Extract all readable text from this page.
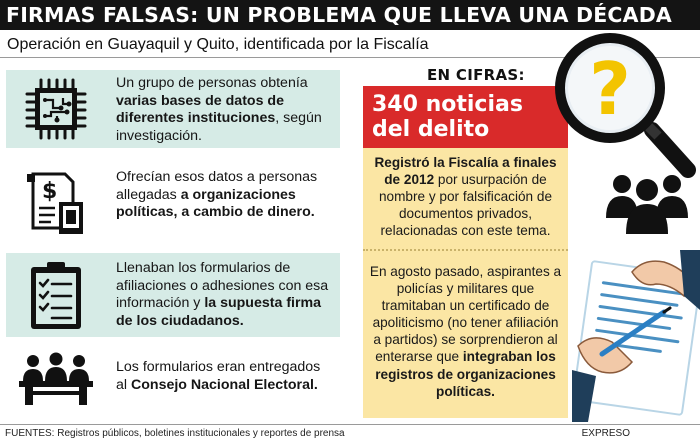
FIRMAS FALSAS: UN PROBLEMA QUE LLEVA UNA DÉCADA
Operación en Guayaquil y Quito, identificada por la Fiscalía
Un grupo de personas obtenía varias bases de datos de diferentes instituciones, según investigación.
$
Ofrecían esos datos a personas allegadas a organizaciones políticas, a cambio de dinero.
Llenaban los formularios de afiliaciones o adhesiones con esa información y la supuesta firma de los ciudadanos.
Los formularios eran entregados al Consejo Nacional Electoral.
EN CIFRAS:
340 noticias del delito
Registró la Fiscalía a finales de 2012 por usurpación de nombre y por falsificación de documentos privados, relacionadas con este tema.
En agosto pasado, aspirantes a policías y militares que tramitaban un certificado de apoliticismo (no tener afiliación a partidos) se sorprendieron al enterarse que integraban los registros de organizaciones políticas.
?
FUENTES: Registros públicos, boletines institucionales y reportes de prensa	EXPRESO
